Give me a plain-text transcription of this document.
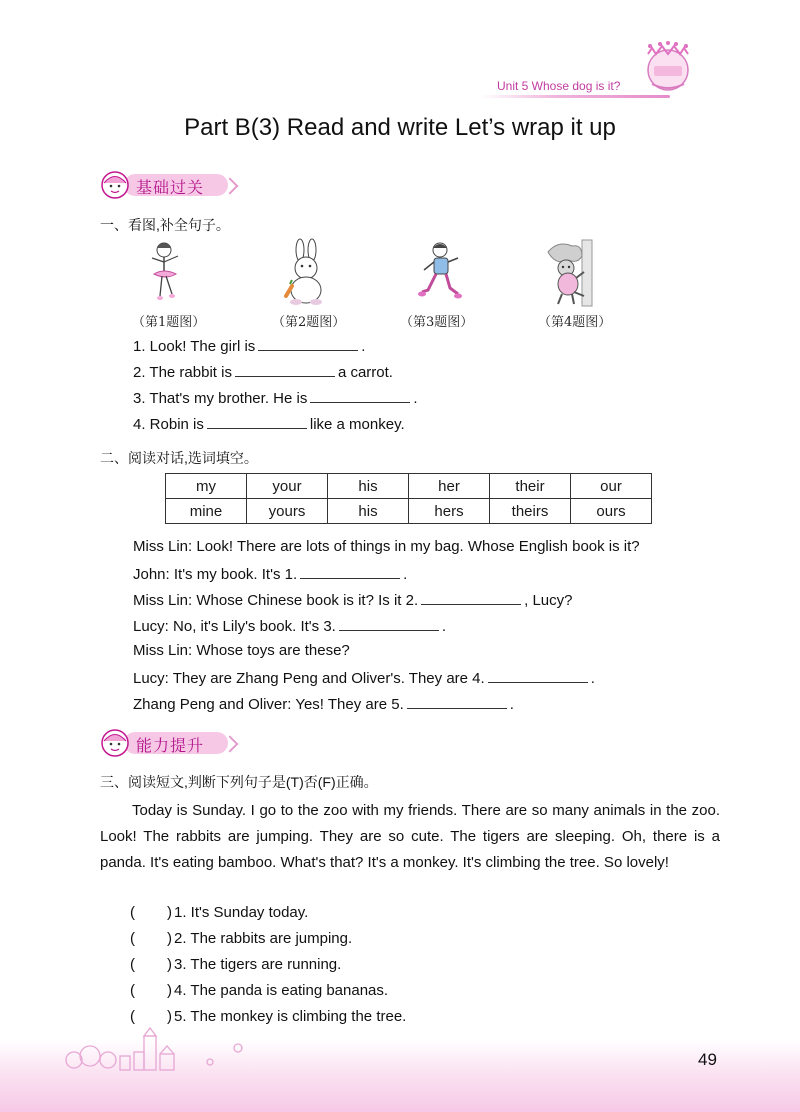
Unit 5 Whose dog is it?
Part B(3) Read and write Let’s wrap it up
基础过关
一、看图,补全句子。
（第1题图）	（第2题图）	（第3题图）	（第4题图）
1. Look! The girl is	.
2. The rabbit is	a carrot.
3. That's my brother. He is	.
4. Robin is	like a monkey.
二、阅读对话,选词填空。
my	your	his	her	their	our
mine	yours	his	hers	theirs	ours
Miss Lin: Look! There are lots of things in my bag. Whose English book is it?
John: It's my book. It's 1.	.
Miss Lin: Whose Chinese book is it? Is it 2.	, Lucy?
Lucy: No, it's Lily's book. It's 3.	.
Miss Lin: Whose toys are these?
Lucy: They are Zhang Peng and Oliver's. They are 4.	.
Zhang Peng and Oliver: Yes! They are 5.	.
能力提升
三、阅读短文,判断下列句子是(T)否(F)正确。
Today is Sunday. I go to the zoo with my friends. There are so many animals in the zoo. Look! The rabbits are jumping. They are so cute. The tigers are sleeping. Oh, there is a panda. It's eating bamboo. What's that? It's a monkey. It's climbing the tree. So lovely!
( ) 1. It's Sunday today.
( ) 2. The rabbits are jumping.
( ) 3. The tigers are running.
( ) 4. The panda is eating bananas.
( ) 5. The monkey is climbing the tree.
49
